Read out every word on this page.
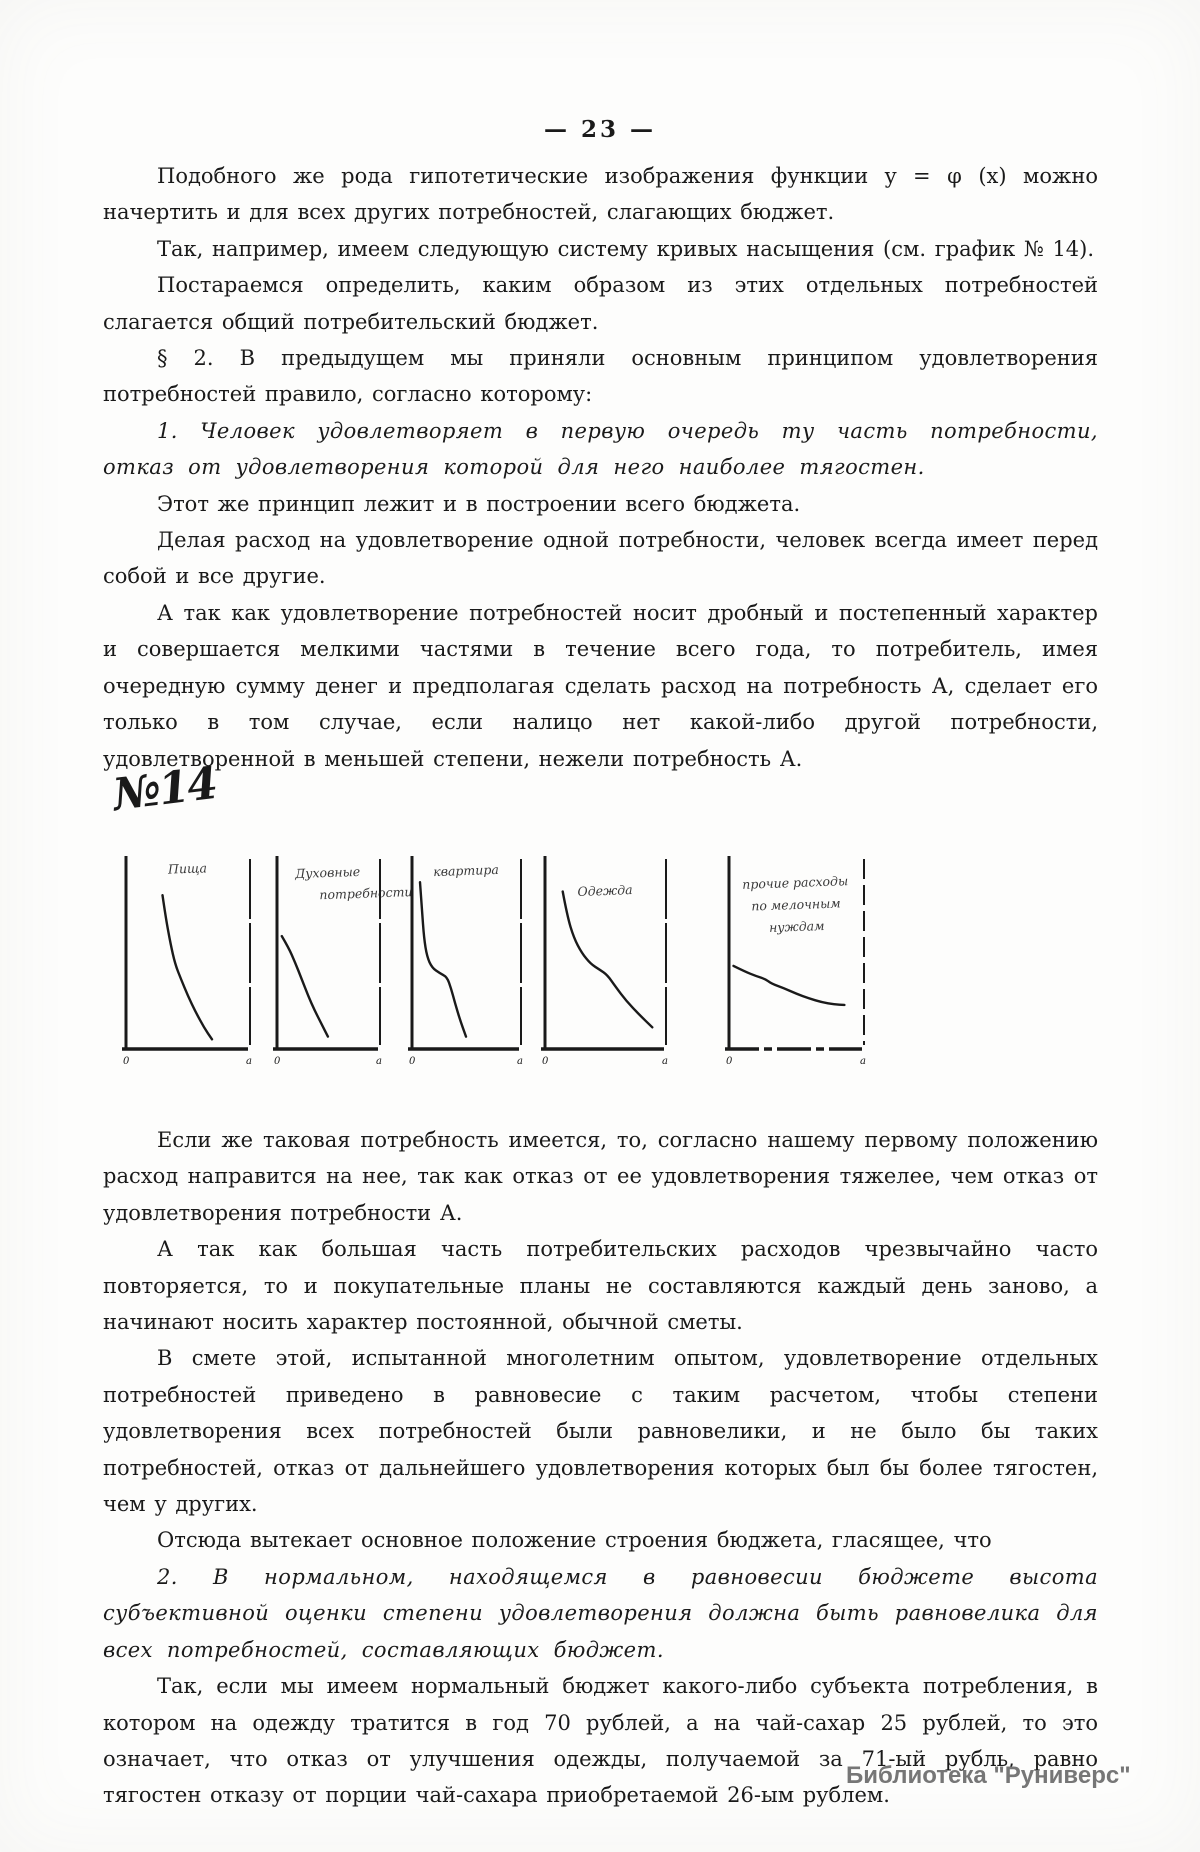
— 23 —

Подобного же рода гипотетические изображения функции y = φ (x) можно начертить и для всех других потребностей, слагающих бюджет.

Так, например, имеем следующую систему кривых насыщения (см. график № 14).

Постараемся определить, каким образом из этих отдельных потребностей слагается общий потребительский бюджет.

§ 2. В предыдущем мы приняли основным принципом удовлетворения потребностей правило, согласно которому:

1. Человек удовлетворяет в первую очередь ту часть потребности, отказ от удовлетворения которой для него наиболее тягостен.

Этот же принцип лежит и в построении всего бюджета.

Делая расход на удовлетворение одной потребности, человек всегда имеет перед собой и все другие.

А так как удовлетворение потребностей носит дробный и постепенный характер и совершается мелкими частями в течение всего года, то потребитель, имея очередную сумму денег и предполагая сделать расход на потребность А, сделает его только в том случае, если налицо нет какой-либо другой потребности, удовлетворенной в меньшей степени, нежели потребность А.

№14
0	a
Пища
0	a
Духовные
потребности
0	a
квартира
0	a
Одежда
0	a
прочие расходы
по мелочным
нуждам

Если же таковая потребность имеется, то, согласно нашему первому положению расход направится на нее, так как отказ от ее удовлетворения тяжелее, чем отказ от удовлетворения потребности А.

А так как большая часть потребительских расходов чрезвычайно часто повторяется, то и покупательные планы не составляются каждый день заново, а начинают носить характер постоянной, обычной сметы.

В смете этой, испытанной многолетним опытом, удовлетворение отдельных потребностей приведено в равновесие с таким расчетом, чтобы степени удовлетворения всех потребностей были равновелики, и не было бы таких потребностей, отказ от дальнейшего удовлетворения которых был бы более тягостен, чем у других.

Отсюда вытекает основное положение строения бюджета, гласящее, что

2. В нормальном, находящемся в равновесии бюджете высота субъективной оценки степени удовлетворения должна быть равновелика для всех потребностей, составляющих бюджет.

Так, если мы имеем нормальный бюджет какого-либо субъекта потребления, в котором на одежду тратится в год 70 рублей, а на чай-сахар 25 рублей, то это означает, что отказ от улучшения одежды, получаемой за 71-ый рубль, равно тягостен отказу от порции чай-сахара приобретаемой 26-ым рублем.

Библиотека "Руниверс"
